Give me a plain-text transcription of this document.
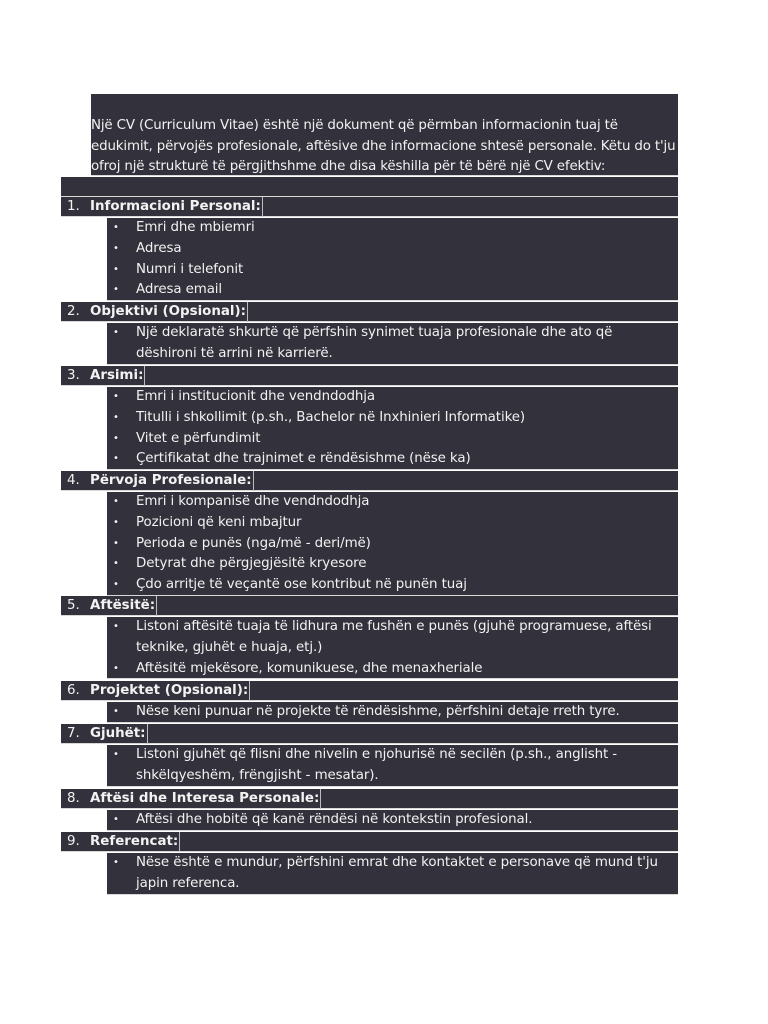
Një CV (Curriculum Vitae) është një dokument që përmban informacionin tuaj të edukimit, përvojës profesionale, aftësive dhe informacione shtesë personale. Këtu do t'ju ofroj një strukturë të përgjithshme dhe disa këshilla për të bërë një CV efektiv:
1. Informacioni Personal:
• Emri dhe mbiemri
• Adresa
• Numri i telefonit
• Adresa email
2. Objektivi (Opsional):
• Një deklaratë shkurtë që përfshin synimet tuaja profesionale dhe ato që dëshironi të arrini në karrierë.
3. Arsimi:
• Emri i institucionit dhe vendndodhja
• Titulli i shkollimit (p.sh., Bachelor në Inxhinieri Informatike)
• Vitet e përfundimit
• Çertifikatat dhe trajnimet e rëndësishme (nëse ka)
4. Përvoja Profesionale:
• Emri i kompanisë dhe vendndodhja
• Pozicioni që keni mbajtur
• Perioda e punës (nga/më - deri/më)
• Detyrat dhe përgjegjësitë kryesore
• Çdo arritje të veçantë ose kontribut në punën tuaj
5. Aftësitë:
• Listoni aftësitë tuaja të lidhura me fushën e punës (gjuhë programuese, aftësi teknike, gjuhët e huaja, etj.)
• Aftësitë mjekësore, komunikuese, dhe menaxheriale
6. Projektet (Opsional):
• Nëse keni punuar në projekte të rëndësishme, përfshini detaje rreth tyre.
7. Gjuhët:
• Listoni gjuhët që flisni dhe nivelin e njohurisë në secilën (p.sh., anglisht - shkëlqyeshëm, frëngjisht - mesatar).
8. Aftësi dhe Interesa Personale:
• Aftësi dhe hobitë që kanë rëndësi në kontekstin profesional.
9. Referencat:
• Nëse është e mundur, përfshini emrat dhe kontaktet e personave që mund t'ju japin referenca.
